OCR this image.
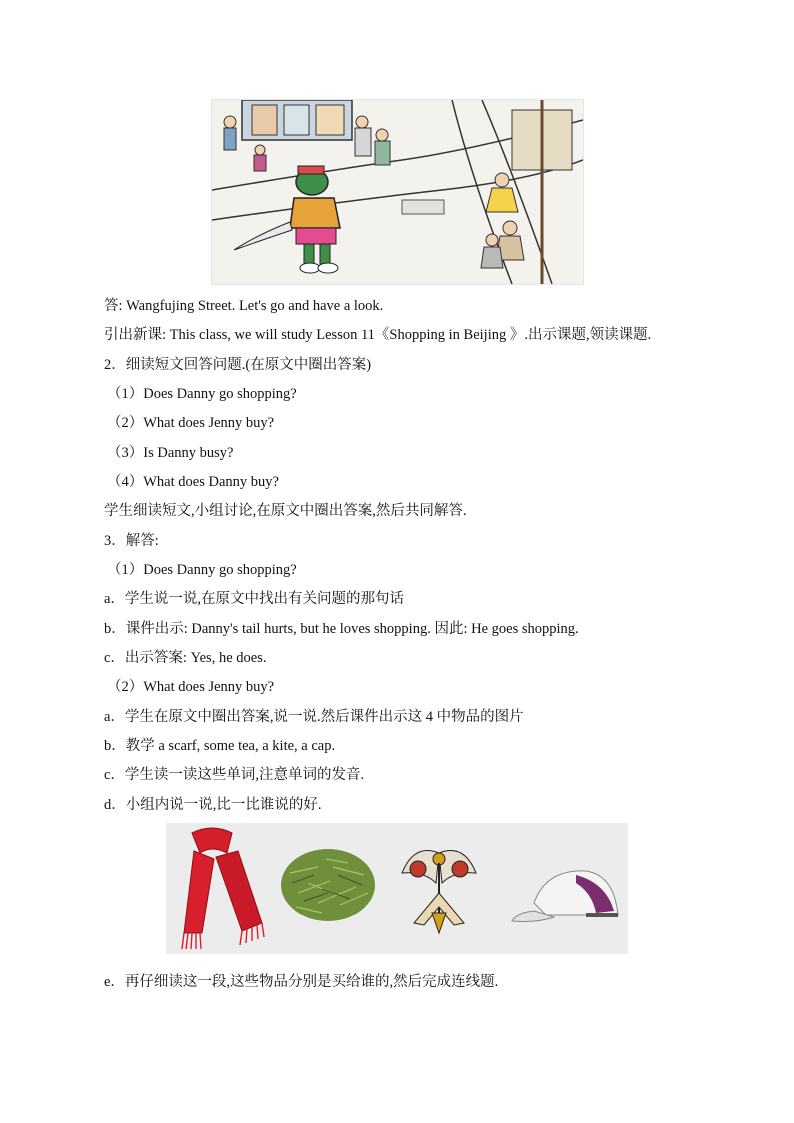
答: Wangfujing Street. Let's go and have a look.
引出新课: This class, we will study Lesson 11《Shopping in Beijing 》.出示课题,领读课题.
2．细读短文回答问题.(在原文中圈出答案)
（1）Does Danny go shopping?
（2）What does Jenny buy?
（3）Is Danny busy?
（4）What does Danny buy?
学生细读短文,小组讨论,在原文中圈出答案,然后共同解答.
3．解答:
（1）Does Danny go shopping?
a．学生说一说,在原文中找出有关问题的那句话
b．课件出示: Danny's tail hurts, but he loves shopping. 因此: He goes shopping.
c．出示答案: Yes, he does.
（2）What does Jenny buy?
a．学生在原文中圈出答案,说一说.然后课件出示这 4 中物品的图片
b．教学 a scarf, some tea, a kite, a cap.
c．学生读一读这些单词,注意单词的发音.
d．小组内说一说,比一比谁说的好.
e．再仔细读这一段,这些物品分别是买给谁的,然后完成连线题.
